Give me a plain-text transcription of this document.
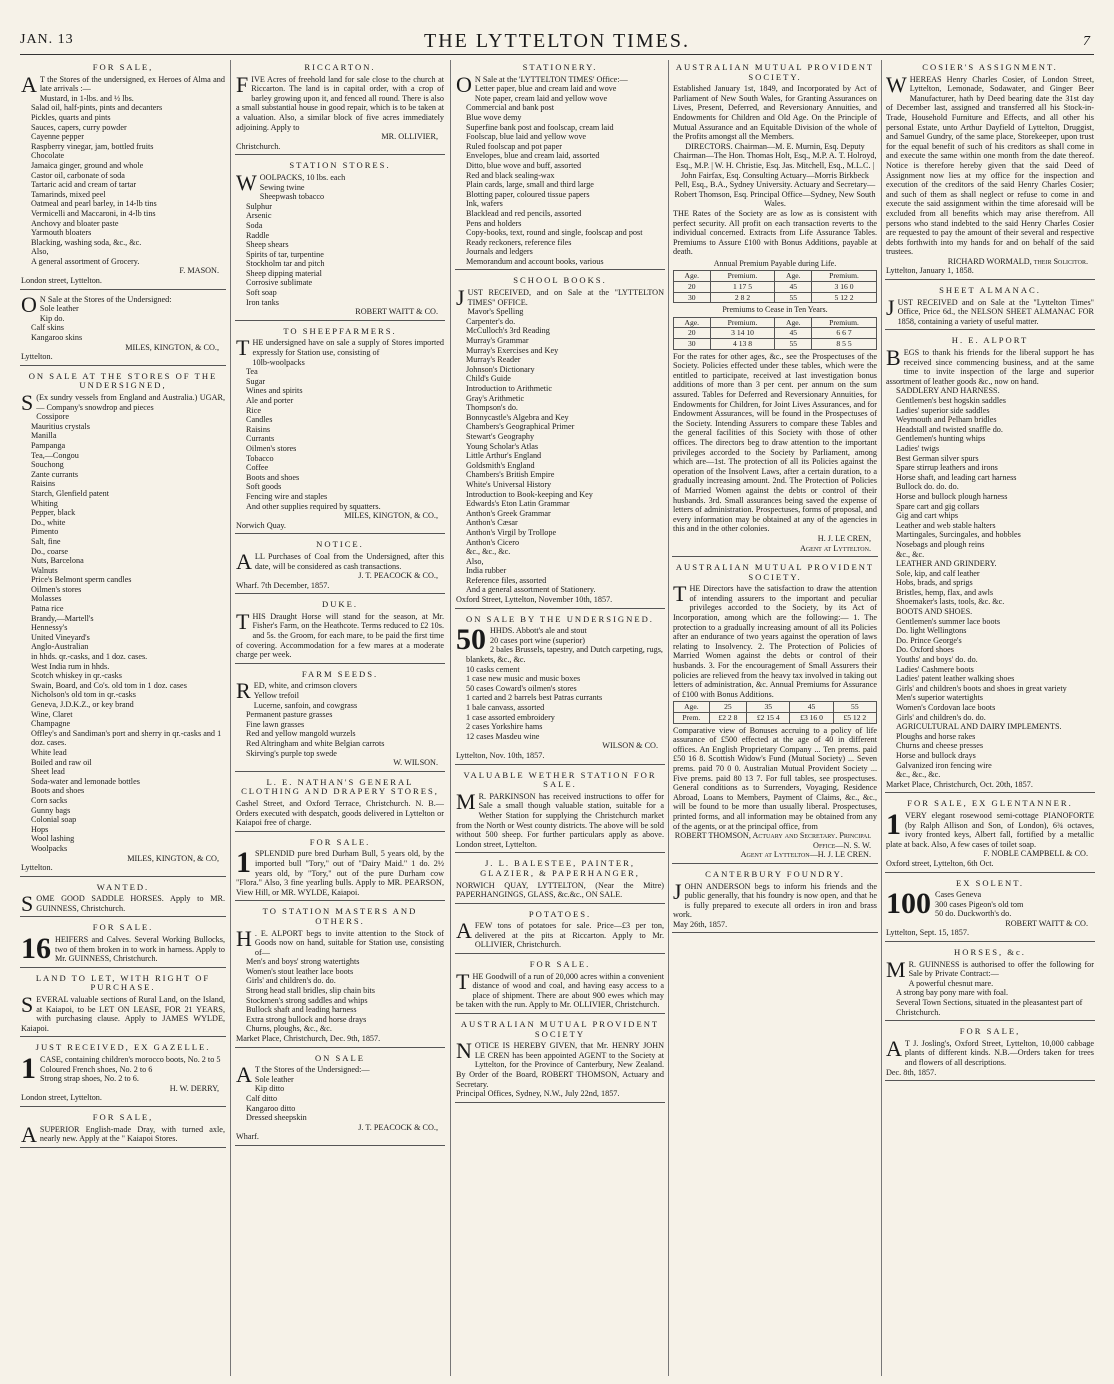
JAN. 13	THE LYTTELTON TIMES.	7
FOR SALE,
A T the Stores of the undersigned, ex Heroes of Alma and late arrivals :—
Mustard, in 1-lbs. and ½ lbs.
Salad oil, half-pints, pints and decanters
Pickles, quarts and pints
Sauces, capers, curry powder
Cayenne pepper
Raspberry vinegar, jam, bottled fruits
Chocolate
Jamaica ginger, ground and whole
Castor oil, carbonate of soda
Tartaric acid and cream of tartar
Tamarinds, mixed peel
Oatmeal and pearl barley, in 14-lb tins
Vermicelli and Maccaroni, in 4-lb tins
Anchovy and bloater paste
Yarmouth bloaters
Blacking, washing soda, &c., &c.
Also,
A general assortment of Grocery.
F. MASON.
London street, Lyttelton.
O N Sale at the Stores of the Undersigned:
Sole leather
Kip do.
Calf skins
Kangaroo skins
MILES, KINGTON, & CO.,
Lyttelton.
ON SALE AT THE STORES OF THE UNDERSIGNED,
S (Ex sundry vessels from England and Australia.) UGAR, — Company's snowdrop and pieces
Cossipore
Mauritius crystals
Manilla
Pampanga
Tea,—Congou
Souchong
Zante currants
Raisins
Starch, Glenfield patent
Whiting
Pepper, black
Do., white
Pimento
Salt, fine
Do., coarse
Nuts, Barcelona
Walnuts
Price's Belmont sperm candles
Oilmen's stores
Molasses
Patna rice
Brandy,—Martell's
Hennessy's
United Vineyard's
Anglo-Australian
in hhds. qr.-casks, and 1 doz. cases.
West India rum in hhds.
Scotch whiskey in qr.-casks
Swain, Board, and Co's. old tom in 1 doz. cases
Nicholson's old tom in qr.-casks
Geneva, J.D.K.Z., or key brand
Wine, Claret
Champagne
Offley's and Sandiman's port and sherry in qr.-casks and 1 doz. cases.
White lead
Boiled and raw oil
Sheet lead
Soda-water and lemonade bottles
Boots and shoes
Corn sacks
Gunny bags
Colonial soap
Hops
Wool lashing
Woolpacks
MILES, KINGTON, & CO,
Lyttelton.
WANTED.
SOME GOOD SADDLE HORSES. Apply to MR. GUINNESS, Christchurch.
FOR SALE.
16 HEIFERS and Calves. Several Working Bullocks, two of them broken in to work in harness. Apply to Mr. GUINNESS, Christchurch.
LAND TO LET, WITH RIGHT OF PURCHASE.
SEVERAL valuable sections of Rural Land, on the Island, at Kaiapoi, to be LET ON LEASE, FOR 21 YEARS, with purchasing clause. Apply to JAMES WYLDE, Kaiapoi.
JUST RECEIVED, EX GAZELLE.
1 CASE, containing children's morocco boots, No. 2 to 5
Coloured French shoes, No. 2 to 6
Strong strap shoes, No. 2 to 6.
H. W. DERRY,
London street, Lyttelton.
FOR SALE,
ASUPERIOR English-made Dray, with turned axle, nearly new. Apply at the " Kaiapoi Stores.
RICCARTON.
FIVE Acres of freehold land for sale close to the church at Riccarton. The land is in capital order, with a crop of barley growing upon it, and fenced all round. There is also a small substantial house in good repair, which is to be taken at a valuation. Also, a similar block of five acres immediately adjoining. Apply to
MR. OLLIVIER,
Christchurch.
STATION STORES.
WOOLPACKS, 10 lbs. each
Sewing twine
Sheepwash tobacco
Sulphur
Arsenic
Soda
Raddle
Sheep shears
Spirits of tar, turpentine
Stockholm tar and pitch
Sheep dipping material
Corrosive sublimate
Soft soap
Iron tanks
ROBERT WAITT & CO.
TO SHEEPFARMERS.
THE undersigned have on sale a supply of Stores imported expressly for Station use, consisting of
10lb-woolpacks
Tea
Sugar
Wines and spirits
Ale and porter
Rice
Candles
Raisins
Currants
Oilmen's stores
Tobacco
Coffee
Boots and shoes
Soft goods
Fencing wire and staples
And other supplies required by squatters.
MILES, KINGTON, & CO.,
Norwich Quay.
NOTICE.
ALL Purchases of Coal from the Undersigned, after this date, will be considered as cash transactions.
J. T. PEACOCK & CO.,
Wharf. 7th December, 1857.
DUKE.
THIS Draught Horse will stand for the season, at Mr. Fisher's Farm, on the Heathcote. Terms reduced to £2 10s. and 5s. the Groom, for each mare, to be paid the first time of covering. Accommodation for a few mares at a moderate charge per week.
FARM SEEDS.
RED, white, and crimson clovers
Yellow trefoil
Lucerne, sanfoin, and cowgrass
Permanent pasture grasses
Fine lawn grasses
Red and yellow mangold wurzels
Red Altringham and white Belgian carrots
Skirving's purple top swede
W. WILSON.
L. E. NATHAN'S GENERAL CLOTHING AND DRAPERY STORES,
Cashel Street, and Oxford Terrace, Christchurch. N. B.—Orders executed with despatch, goods delivered in Lyttelton or Kaiapoi free of charge.
FOR SALE.
1 SPLENDID pure bred Durham Bull, 5 years old, by the imported bull "Tory," out of "Dairy Maid." 1 do. 2½ years old, by "Tory," out of the pure Durham cow "Flora." Also, 3 fine yearling bulls. Apply to MR. PEARSON, View Hill, or MR. WYLDE, Kaiapoi.
TO STATION MASTERS AND OTHERS.
H . E. ALPORT begs to invite attention to the Stock of Goods now on hand, suitable for Station use, consisting of—
Men's and boys' strong watertights
Women's stout leather lace boots
Girls' and children's do. do.
Strong head stall bridles, slip chain bits
Stockmen's strong saddles and whips
Bullock shaft and leading harness
Extra strong bullock and horse drays
Churns, ploughs, &c., &c.
Market Place, Christchurch, Dec. 9th, 1857.
ON SALE
A T the Stores of the Undersigned:—
Sole leather
Kip ditto
Calf ditto
Kangaroo ditto
Dressed sheepskin
J. T. PEACOCK & CO.,
Wharf.
STATIONERY.
O N Sale at the 'LYTTELTON TIMES' Office:—
Letter paper, blue and cream laid and wove
Note paper, cream laid and yellow wove
Commercial and bank post
Blue wove demy
Superfine bank post and foolscap, cream laid
Foolscap, blue laid and yellow wove
Ruled foolscap and pot paper
Envelopes, blue and cream laid, assorted
Ditto, blue wove and buff, assorted
Red and black sealing-wax
Plain cards, large, small and third large
Blotting paper, coloured tissue papers
Ink, wafers
Blacklead and red pencils, assorted
Pens and holders
Copy-books, text, round and single, foolscap and post
Ready reckoners, reference files
Journals and ledgers
Memorandum and account books, various
SCHOOL BOOKS.
JUST RECEIVED, and on Sale at the "LYTTELTON TIMES" OFFICE.
Mavor's Spelling
Carpenter's do.
McCulloch's 3rd Reading
Murray's Grammar
Murray's Exercises and Key
Murray's Reader
Johnson's Dictionary
Child's Guide
Introduction to Arithmetic
Gray's Arithmetic
Thompson's do.
Bonnycastle's Algebra and Key
Chambers's Geographical Primer
Stewart's Geography
Young Scholar's Atlas
Little Arthur's England
Goldsmith's England
Chambers's British Empire
White's Universal History
Introduction to Book-keeping and Key
Edwards's Eton Latin Grammar
Anthon's Greek Grammar
Anthon's Cæsar
Anthon's Virgil by Trollope
Anthon's Cicero
&c., &c., &c.
Also,
India rubber
Reference files, assorted
And a general assortment of Stationery.
Oxford Street, Lyttelton, November 10th, 1857.
ON SALE BY THE UNDERSIGNED.
50 HHDS. Abbott's ale and stout
20 cases port wine (superior)
2 bales Brussels, tapestry, and Dutch carpeting, rugs, blankets, &c., &c.
10 casks cement
1 case new music and music boxes
50 cases Coward's oilmen's stores
1 carted and 2 barrels best Patras currants
1 bale canvass, assorted
1 case assorted embroidery
2 cases Yorkshire hams
12 cases Masdeu wine
WILSON & CO.
Lyttelton, Nov. 10th, 1857.
VALUABLE WETHER STATION FOR SALE.
M R. PARKINSON has received instructions to offer for Sale a small though valuable station, suitable for a Wether Station for supplying the Christchurch market from the North or West county districts. The above will be sold without 500 sheep. For further particulars apply as above. London street, Lyttelton.
J. L. BALESTEE, PAINTER, GLAZIER, & PAPERHANGER,
NORWICH QUAY, LYTTELTON, (Near the Mitre) PAPERHANGINGS, GLASS, &c.&c., ON SALE.
POTATOES.
AFEW tons of potatoes for sale. Price—£3 per ton, delivered at the pits at Riccarton. Apply to Mr. OLLIVIER, Christchurch.
FOR SALE.
THE Goodwill of a run of 20,000 acres within a convenient distance of wood and coal, and having easy access to a place of shipment. There are about 900 ewes which may be taken with the run. Apply to Mr. OLLIVIER, Christchurch.
AUSTRALIAN MUTUAL PROVIDENT SOCIETY
NOTICE IS HEREBY GIVEN, that Mr. HENRY JOHN LE CREN has been appointed AGENT to the Society at Lyttelton, for the Province of Canterbury, New Zealand. By Order of the Board, ROBERT THOMSON, Actuary and Secretary.
Principal Offices, Sydney, N.W., July 22nd, 1857.
AUSTRALIAN MUTUAL PROVIDENT SOCIETY.
Established January 1st, 1849, and Incorporated by Act of Parliament of New South Wales, for Granting Assurances on Lives, Present, Deferred, and Reversionary Annuities, and Endowments for Children and Old Age. On the Principle of Mutual Assurance and an Equitable Division of the whole of the Profits amongst all the Members.
DIRECTORS. Chairman—M. E. Murnin, Esq. Deputy Chairman—The Hon. Thomas Holt, Esq., M.P. A. T. Holroyd, Esq., M.P. | W. H. Christie, Esq. Jas. Mitchell, Esq., M.L.C. | John Fairfax, Esq. Consulting Actuary—Morris Birkbeck Pell, Esq., B.A., Sydney University. Actuary and Secretary—Robert Thomson, Esq. Principal Office—Sydney, New South Wales.
THE Rates of the Society are as low as is consistent with perfect security. All profit on each transaction reverts to the individual concerned. Extracts from Life Assurance Tables. Premiums to Assure £100 with Bonus Additions, payable at death.
Annual Premium Payable during Life.
Age.	Premium.	Age.	Premium.
20	1 17 5	45	3 16 0
30	2 8 2	55	5 12 2
Premiums to Cease in Ten Years.
Age.	Premium.	Age.	Premium.
20	3 14 10	45	6 6 7
30	4 13 8	55	8 5 5
For the rates for other ages, &c., see the Prospectuses of the Society. Policies effected under these tables, which were the entitled to participate, received at last investigation bonus additions of more than 3 per cent. per annum on the sum assured. Tables for Deferred and Reversionary Annuities, for Endowments for Children, for Joint Lives Assurances, and for Endowment Assurances, will be found in the Prospectuses of the Society. Intending Assurers to compare these Tables and the general facilities of this Society with those of other offices. The directors beg to draw attention to the important privileges accorded to the Society by Parliament, among which are—1st. The protection of all its Policies against the operation of the Insolvent Laws, after a certain duration, to a gradually increasing amount. 2nd. The Protection of Policies of Married Women against the debts or control of their husbands. 3rd. Small assurances being saved the expense of letters of administration. Prospectuses, forms of proposal, and every information may be obtained at any of the agencies in this and in the other colonies.
H. J. LE CREN,
Agent at Lyttelton.
AUSTRALIAN MUTUAL PROVIDENT SOCIETY.
THE Directors have the satisfaction to draw the attention of intending assurers to the important and peculiar privileges accorded to the Society, by its Act of Incorporation, among which are the following:— 1. The protection to a gradually increasing amount of all its Policies after an endurance of two years against the operation of laws relating to Insolvency. 2. The Protection of Policies of Married Women against the debts or control of their husbands. 3. For the encouragement of Small Assurers their policies are relieved from the heavy tax involved in taking out letters of administration, &c. Annual Premiums for Assurance of £100 with Bonus Additions.
Age.	25	35	45	55
Prem.	£2 2 8	£2 15 4	£3 16 0	£5 12 2
Comparative view of Bonuses accruing to a policy of life assurance of £500 effected at the age of 40 in different offices. An English Proprietary Company ... Ten prems. paid £50 16 8. Scottish Widow's Fund (Mutual Society) ... Seven prems. paid 70 0 0. Australian Mutual Provident Society ... Five prems. paid 80 13 7. For full tables, see prospectuses. General conditions as to Surrenders, Voyaging, Residence Abroad, Loans to Members, Payment of Claims, &c., &c., will be found to be more than usually liberal. Prospectuses, printed forms, and all information may be obtained from any of the agents, or at the principal office, from
ROBERT THOMSON, Actuary and Secretary. Principal Office—N. S. W.
Agent at Lyttelton—H. J. LE CREN.
CANTERBURY FOUNDRY.
JOHN ANDERSON begs to inform his friends and the public generally, that his foundry is now open, and that he is fully prepared to execute all orders in iron and brass work.
May 26th, 1857.
COSIER'S ASSIGNMENT.
WHEREAS Henry Charles Cosier, of London Street, Lyttelton, Lemonade, Sodawater, and Ginger Beer Manufacturer, hath by Deed bearing date the 31st day of December last, assigned and transferred all his Stock-in-Trade, Household Furniture and Effects, and all other his personal Estate, unto Arthur Dayfield of Lyttelton, Druggist, and Samuel Gundry, of the same place, Storekeeper, upon trust for the equal benefit of such of his creditors as shall come in and execute the same within one month from the date thereof. Notice is therefore hereby given that the said Deed of Assignment now lies at my office for the inspection and execution of the creditors of the said Henry Charles Cosier; and such of them as shall neglect or refuse to come in and execute the said assignment within the time aforesaid will be excluded from all benefits which may arise therefrom. All persons who stand indebted to the said Henry Charles Cosier are requested to pay the amount of their several and respective debts forthwith into my hands for and on behalf of the said trustees.
RICHARD WORMALD, their Solicitor.
Lyttelton, January 1, 1858.
SHEET ALMANAC.
JUST RECEIVED and on Sale at the "Lyttelton Times" Office, Price 6d., the NELSON SHEET ALMANAC FOR 1858, containing a variety of useful matter.
H. E. ALPORT
BEGS to thank his friends for the liberal support he has received since commencing business, and at the same time to invite inspection of the large and superior assortment of leather goods &c., now on hand.
SADDLERY AND HARNESS.
Gentlemen's best hogskin saddles
Ladies' superior side saddles
Weymouth and Pelham bridles
Headstall and twisted snaffle do.
Gentlemen's hunting whips
Ladies' twigs
Best German silver spurs
Spare stirrup leathers and irons
Horse shaft, and leading cart harness
Bullock do. do. do.
Horse and bullock plough harness
Spare cart and gig collars
Gig and cart whips
Leather and web stable halters
Martingales, Surcingales, and hobbles
Nosebags and plough reins
&c., &c.
LEATHER AND GRINDERY.
Sole, kip, and calf leather
Hobs, brads, and sprigs
Bristles, hemp, flax, and awls
Shoemaker's lasts, tools, &c. &c.
BOOTS AND SHOES.
Gentlemen's summer lace boots
Do. light Wellingtons
Do. Prince George's
Do. Oxford shoes
Youths' and boys' do. do.
Ladies' Cashmere boots
Ladies' patent leather walking shoes
Girls' and children's boots and shoes in great variety
Men's superior watertights
Women's Cordovan lace boots
Girls' and children's do. do.
AGRICULTURAL AND DAIRY IMPLEMENTS.
Ploughs and horse rakes
Churns and cheese presses
Horse and bullock drays
Galvanized iron fencing wire
&c., &c., &c.
Market Place, Christchurch, Oct. 20th, 1857.
FOR SALE, EX GLENTANNER.
1 VERY elegant rosewood semi-cottage PIANOFORTE (by Ralph Allison and Son, of London), 6¾ octaves, ivory fronted keys, Albert fall, fortified by a metallic plate at back. Also, A few cases of toilet soap.
F. NOBLE CAMPBELL & CO.
Oxford street, Lyttelton, 6th Oct.
EX SOLENT.
100 Cases Geneva
300 cases Pigeon's old tom
50 do. Duckworth's do.
ROBERT WAITT & CO.
Lyttelton, Sept. 15, 1857.
HORSES, &c.
M R. GUINNESS is authorised to offer the following for Sale by Private Contract:—
A powerful chesnut mare.
A strong bay pony mare with foal.
Several Town Sections, situated in the pleasantest part of Christchurch.
FOR SALE,
A T J. Josling's, Oxford Street, Lyttelton, 10,000 cabbage plants of different kinds. N.B.—Orders taken for trees and flowers of all descriptions.
Dec. 8th, 1857.
